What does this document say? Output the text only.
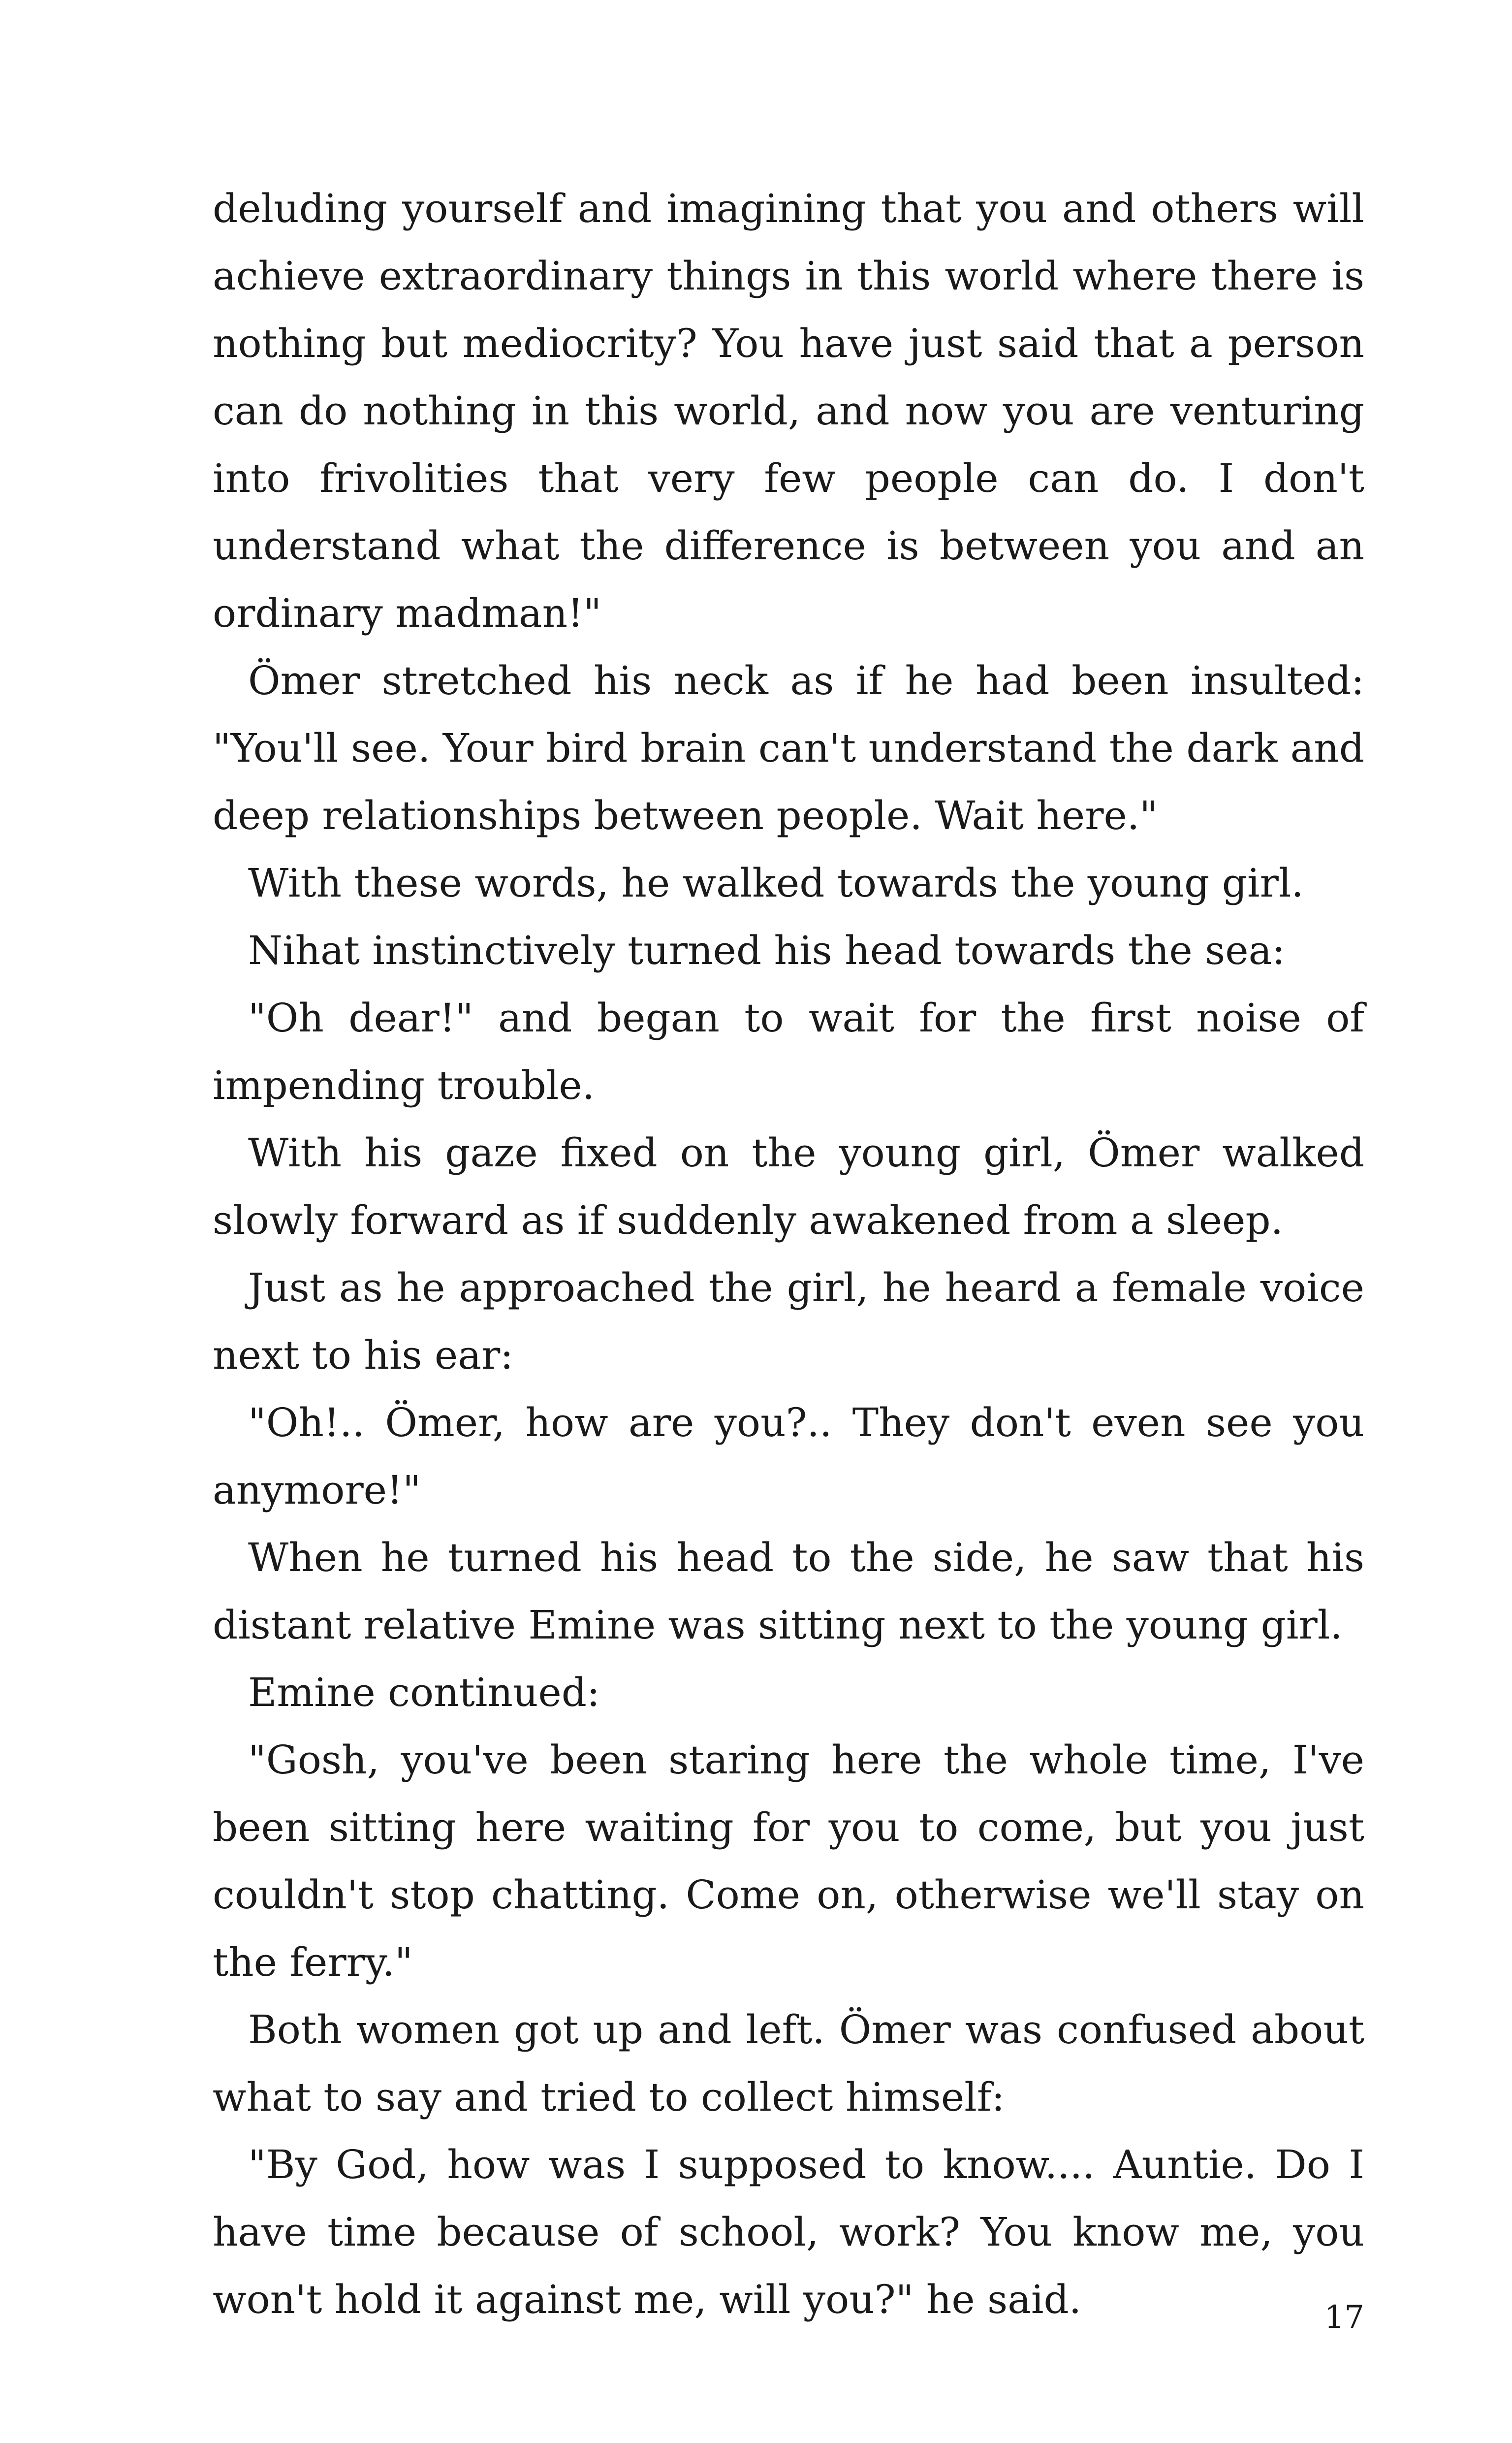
deluding yourself and imagining that you and others will achieve extraordinary things in this world where there is nothing but mediocrity? You have just said that a person can do nothing in this world, and now you are venturing into frivolities that very few people can do. I don't understand what the difference is between you and an ordinary madman!"

Ömer stretched his neck as if he had been insulted: "You'll see. Your bird brain can't understand the dark and deep relationships between people. Wait here."

With these words, he walked towards the young girl.

Nihat instinctively turned his head towards the sea:

"Oh dear!" and began to wait for the first noise of impending trouble.

With his gaze fixed on the young girl, Ömer walked slowly forward as if suddenly awakened from a sleep.

Just as he approached the girl, he heard a female voice next to his ear:

"Oh!.. Ömer, how are you?.. They don't even see you anymore!"

When he turned his head to the side, he saw that his distant relative Emine was sitting next to the young girl.

Emine continued:

"Gosh, you've been staring here the whole time, I've been sitting here waiting for you to come, but you just couldn't stop chatting. Come on, otherwise we'll stay on the ferry."

Both women got up and left. Ömer was confused about what to say and tried to collect himself:

"By God, how was I supposed to know.... Auntie. Do I have time because of school, work? You know me, you won't hold it against me, will you?" he said.	17
